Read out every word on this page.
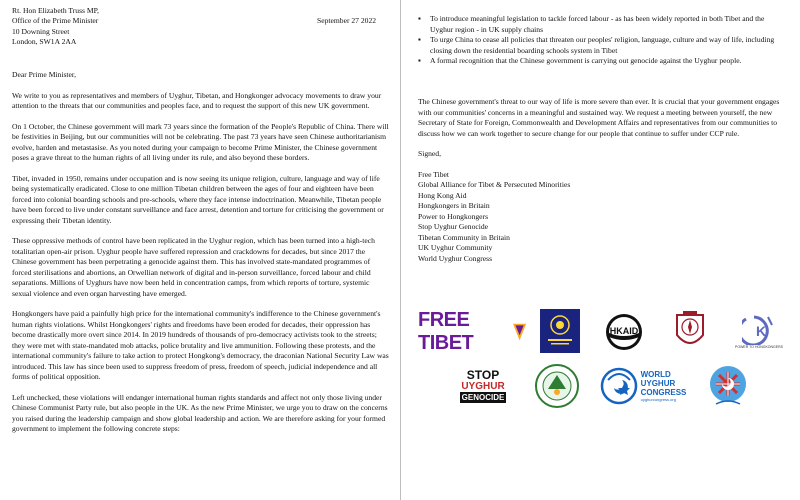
Rt. Hon Elizabeth Truss MP,
Office of the Prime Minister
10 Downing Street
London, SW1A 2AA
September 27 2022

Dear Prime Minister,

We write to you as representatives and members of Uyghur, Tibetan, and Hongkonger advocacy movements to draw your attention to the threats that our communities and peoples face, and to request the support of this new UK government.

On 1 October, the Chinese government will mark 73 years since the formation of the People's Republic of China. There will be festivities in Beijing, but our communities will not be celebrating. The past 73 years have seen Chinese authoritarianism evolve, harden and metastasise. As you noted during your campaign to become Prime Minister, the Chinese government poses a grave threat to the human rights of all living under its rule, and also beyond these borders.

Tibet, invaded in 1950, remains under occupation and is now seeing its unique religion, culture, language and way of life being systematically eradicated. Close to one million Tibetan children between the ages of four and eighteen have been forced into colonial boarding schools and pre-schools, where they face intense indoctrination. Meanwhile, Tibetan people have been forced to live under constant surveillance and face arrest, detention and torture for criticising the government or expressing their Tibetan identity.

These oppressive methods of control have been replicated in the Uyghur region, which has been turned into a high-tech totalitarian open-air prison. Uyghur people have suffered repression and crackdowns for decades, but since 2017 the Chinese government has been perpetrating a genocide against them. This has involved state-mandated programmes of forced sterilisations and abortions, an Orwellian network of digital and in-person surveillance, forced labour and child separations. Millions of Uyghurs have now been held in concentration camps, from which reports of torture, systemic sexual violence and even organ harvesting have emerged.

Hongkongers have paid a painfully high price for the international community's indifference to the Chinese government's human rights violations. Whilst Hongkongers' rights and freedoms have been eroded for decades, their oppression has become drastically more overt since 2014. In 2019 hundreds of thousands of pro-democracy activists took to the streets; they were met with state-mandated mob attacks, police brutality and live ammunition. Following these protests, and the international community's failure to take action to protect Hongkong's democracy, the draconian National Security Law was introduced. This law has since been used to suppress freedom of press, freedom of speech, judicial independence and all forms of political opposition.

Left unchecked, these violations will endanger international human rights standards and affect not only those living under Chinese Communist Party rule, but also people in the UK. As the new Prime Minister, we urge you to draw on the concerns you raised during the leadership campaign and show global leadership and action. We are therefore asking for your formed government to implement the following concrete steps:

▪ To introduce meaningful legislation to tackle forced labour - as has been widely reported in both Tibet and the Uyghur region - in UK supply chains
▪ To urge China to cease all policies that threaten our peoples' religion, language, culture and way of life, including closing down the residential boarding schools system in Tibet
▪ A formal recognition that the Chinese government is carrying out genocide against the Uyghur people.

The Chinese government's threat to our way of life is more severe than ever. It is crucial that your government engages with our communities' concerns in a meaningful and sustained way. We request a meeting between yourself, the new Secretary of State for Foreign, Commonwealth and Development Affairs and representatives from our communities to discuss how we can work together to secure change for our people that continue to suffer under CCP rule.

Signed,

Free Tibet
Global Alliance for Tibet & Persecuted Minorities
Hong Kong Aid
Hongkongers in Britain
Power to Hongkongers
Stop Uyghur Genocide
Tibetan Community in Britain
UK Uyghur Community
World Uyghur Congress
FREE TIBET
HKAID	K
POWER TO HONGKONGERS
STOP
UYGHUR
GENOCIDE
WORLD
UYGHUR
CONGRESS
uyghurcongress.org
